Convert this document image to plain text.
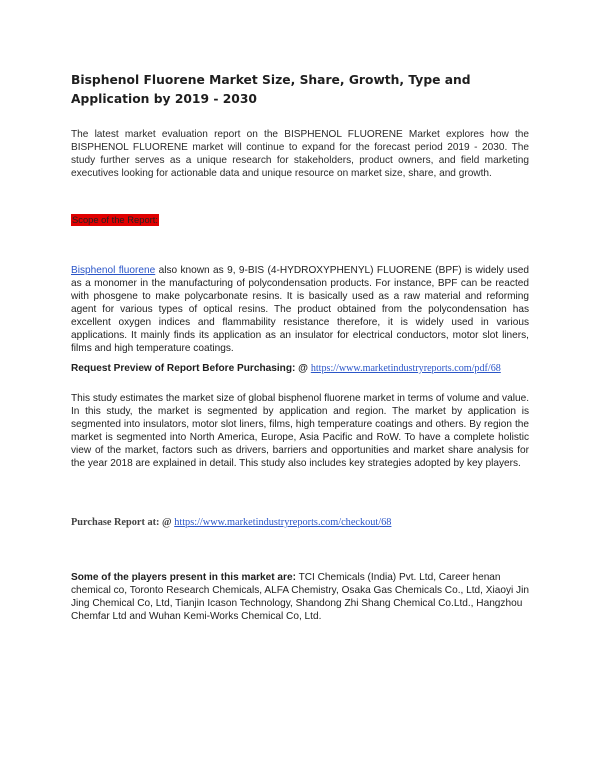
Bisphenol Fluorene Market Size, Share, Growth, Type and Application by 2019 - 2030
The latest market evaluation report on the BISPHENOL FLUORENE Market explores how the BISPHENOL FLUORENE market will continue to expand for the forecast period 2019 - 2030. The study further serves as a unique research for stakeholders, product owners, and field marketing executives looking for actionable data and unique resource on market size, share, and growth.
Scope of the Report:
Bisphenol fluorene also known as 9, 9-BIS (4-HYDROXYPHENYL) FLUORENE (BPF) is widely used as a monomer in the manufacturing of polycondensation products. For instance, BPF can be reacted with phosgene to make polycarbonate resins. It is basically used as a raw material and reforming agent for various types of optical resins. The product obtained from the polycondensation has excellent oxygen indices and flammability resistance therefore, it is widely used in various applications. It mainly finds its application as an insulator for electrical conductors, motor slot liners, films and high temperature coatings.
Request Preview of Report Before Purchasing: @ https://www.marketindustryreports.com/pdf/68
This study estimates the market size of global bisphenol fluorene market in terms of volume and value. In this study, the market is segmented by application and region. The market by application is segmented into insulators, motor slot liners, films, high temperature coatings and others. By region the market is segmented into North America, Europe, Asia Pacific and RoW. To have a complete holistic view of the market, factors such as drivers, barriers and opportunities and market share analysis for the year 2018 are explained in detail. This study also includes key strategies adopted by key players.
Purchase Report at: @ https://www.marketindustryreports.com/checkout/68
Some of the players present in this market are: TCI Chemicals (India) Pvt. Ltd, Career henan chemical co, Toronto Research Chemicals, ALFA Chemistry, Osaka Gas Chemicals Co., Ltd, Xiaoyi Jin Jing Chemical Co, Ltd, Tianjin Icason Technology, Shandong Zhi Shang Chemical Co.Ltd., Hangzhou Chemfar Ltd and Wuhan Kemi-Works Chemical Co, Ltd.
